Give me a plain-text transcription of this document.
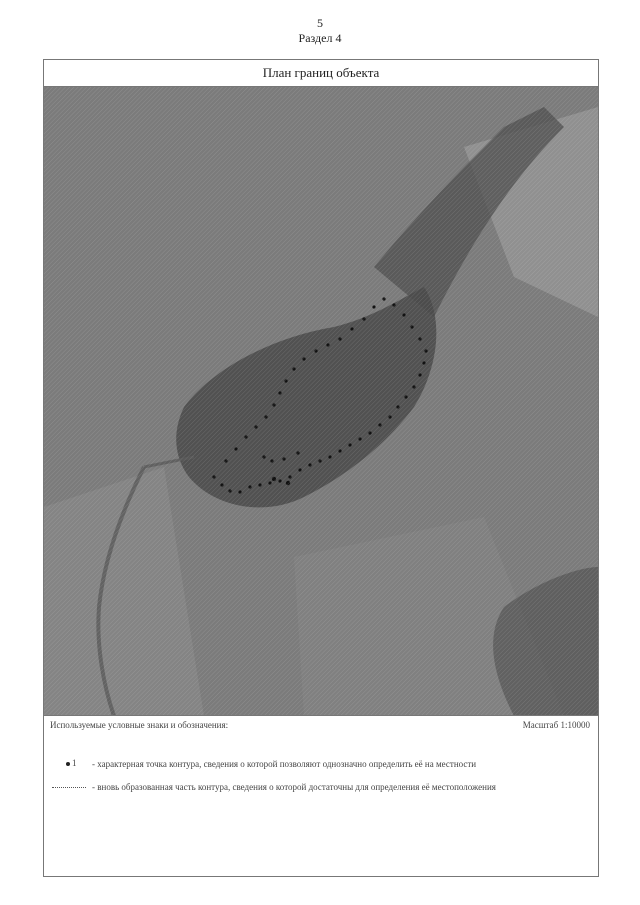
5
Раздел 4
План границ объекта
Используемые условные знаки и обозначения:	Масштаб 1:10000
1 - характерная точка контура, сведения о которой позволяют однозначно определить её на местности
- вновь образованная часть контура, сведения о которой достаточны для определения её местоположения
